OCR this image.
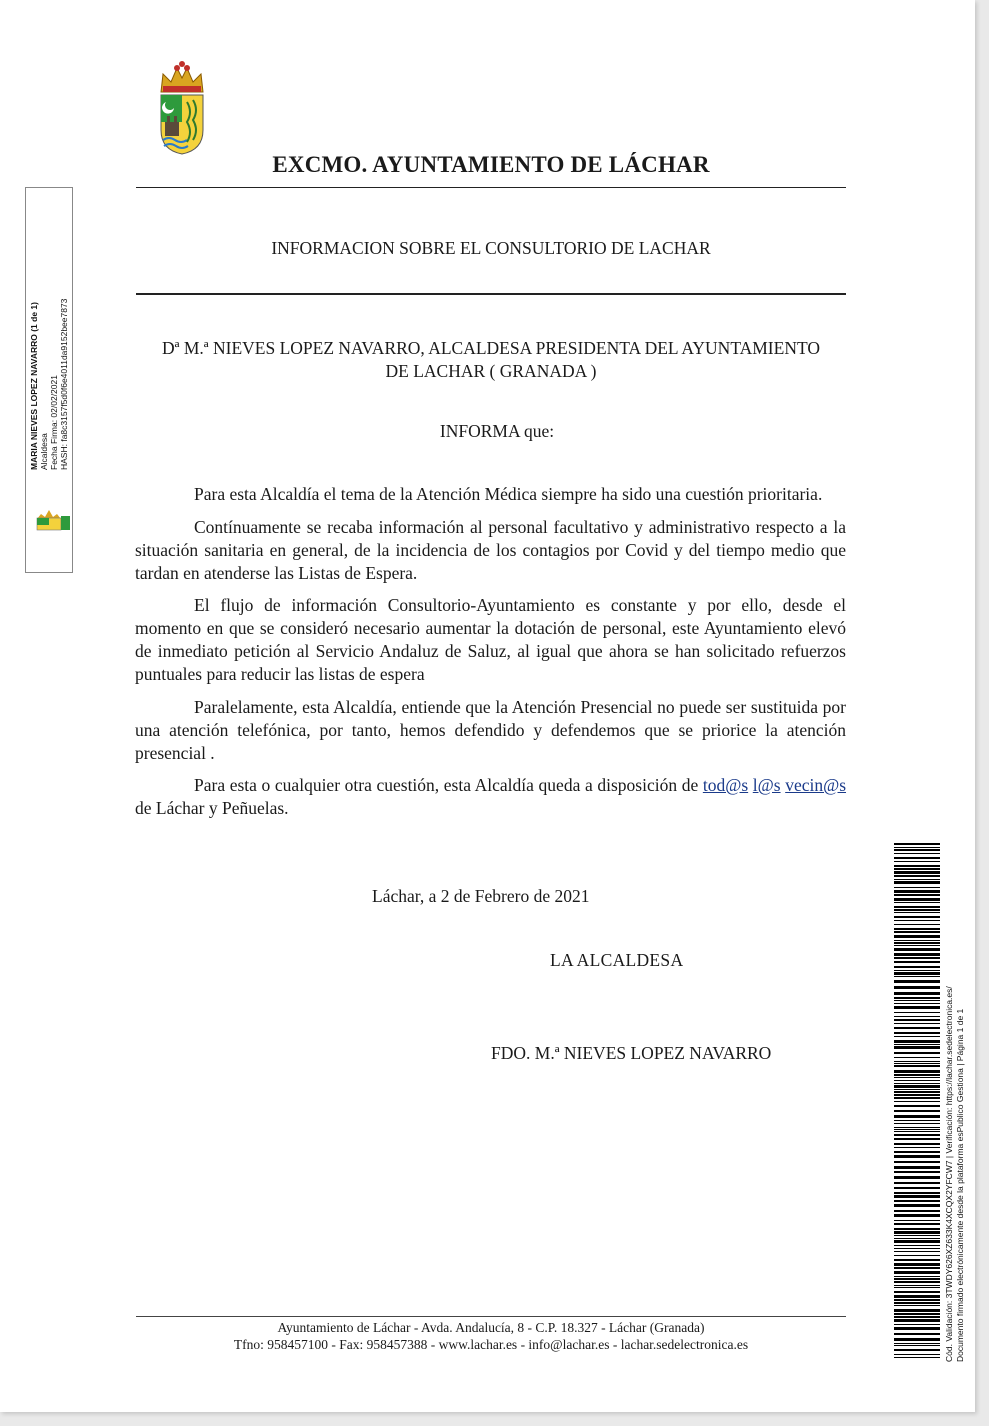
EXCMO. AYUNTAMIENTO DE LÁCHAR
INFORMACION SOBRE EL CONSULTORIO DE LACHAR
Dª M.ª NIEVES LOPEZ NAVARRO, ALCALDESA PRESIDENTA DEL AYUNTAMIENTO
DE LACHAR ( GRANADA )
INFORMA que:

Para esta Alcaldía el tema de la Atención Médica siempre ha sido una cuestión prioritaria.

Contínuamente se recaba información al personal facultativo y administrativo respecto a la situación sanitaria en general, de la incidencia de los contagios por Covid y del tiempo medio que tardan en atenderse las Listas de Espera.

El flujo de información Consultorio-Ayuntamiento es constante y por ello, desde el momento en que se consideró necesario aumentar la dotación de personal, este Ayuntamiento elevó de inmediato petición al Servicio Andaluz de Saluz, al igual que ahora se han solicitado refuerzos puntuales para reducir las listas de espera

Paralelamente, esta Alcaldía, entiende que la Atención Presencial no puede ser sustituida por una atención telefónica, por tanto, hemos defendido y defendemos que se priorice la atención presencial .

Para esta o cualquier otra cuestión, esta Alcaldía queda a disposición de tod@s l@s vecin@s de Láchar y Peñuelas.

Láchar, a 2 de Febrero de 2021
LA ALCALDESA
FDO. M.ª NIEVES LOPEZ NAVARRO
Ayuntamiento de Láchar - Avda. Andalucía, 8 - C.P. 18.327 - Láchar (Granada)
Tfno: 958457100 - Fax: 958457388 - www.lachar.es - info@lachar.es - lachar.sedelectronica.es
MARIA NIEVES LOPEZ NAVARRO (1 de 1) Alcaldesa Fecha Firma: 02/02/2021 HASH: fa8c3157f5d0f6e4011da9152bee7873
Cód. Validación: 3TWDY626XZ633K4XCQX2YFCW7 | Verificación: https://lachar.sedelectronica.es/ Documento firmado electrónicamente desde la plataforma esPublico Gestiona | Página 1 de 1
